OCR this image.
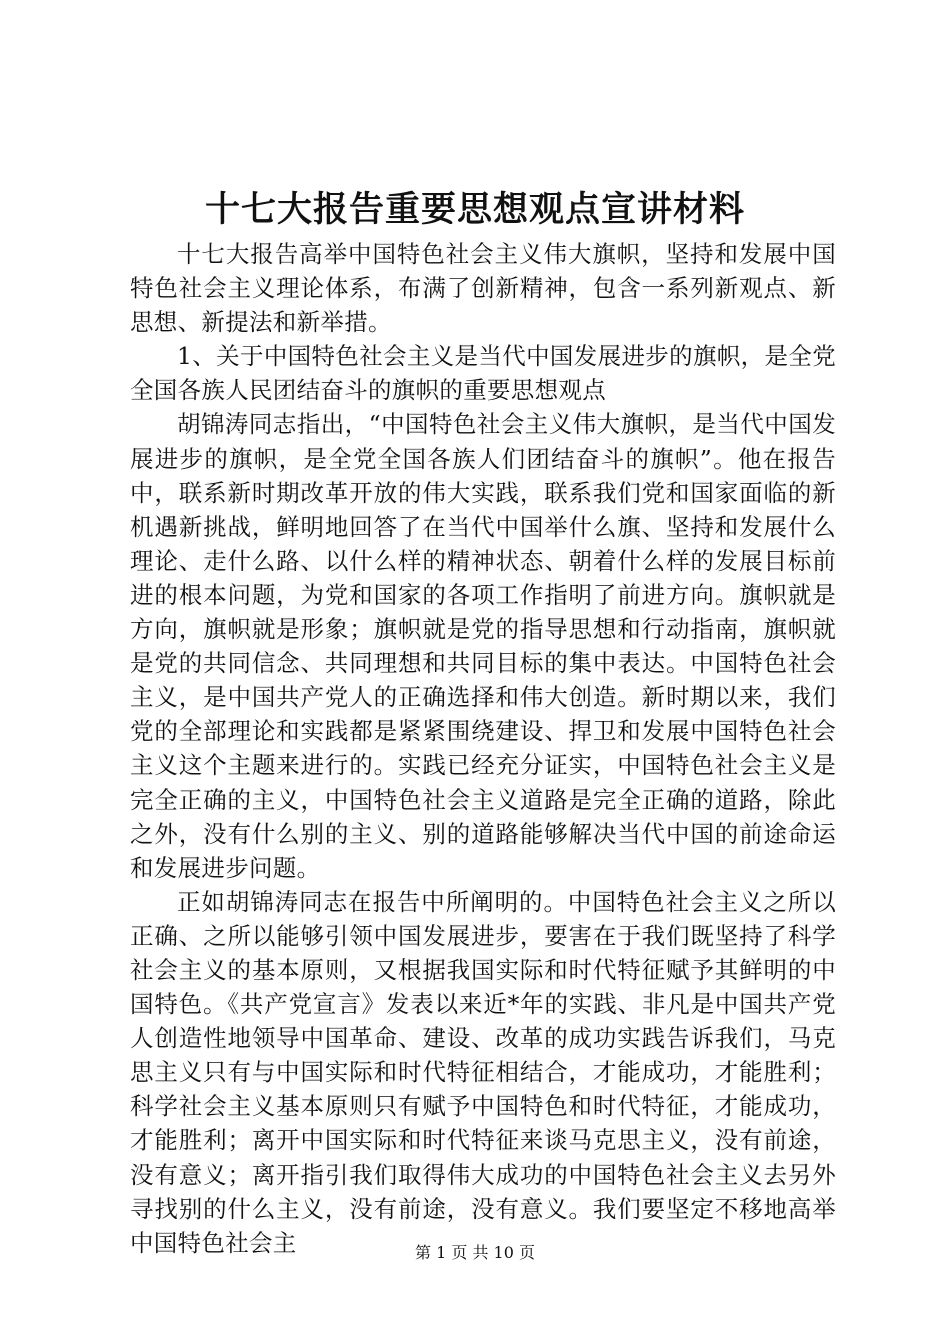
十七大报告重要思想观点宣讲材料

十七大报告高举中国特色社会主义伟大旗帜，坚持和发展中国特色社会主义理论体系，布满了创新精神，包含一系列新观点、新思想、新提法和新举措。

1、关于中国特色社会主义是当代中国发展进步的旗帜，是全党全国各族人民团结奋斗的旗帜的重要思想观点

胡锦涛同志指出，“中国特色社会主义伟大旗帜，是当代中国发展进步的旗帜，是全党全国各族人们团结奋斗的旗帜”。他在报告中，联系新时期改革开放的伟大实践，联系我们党和国家面临的新机遇新挑战，鲜明地回答了在当代中国举什么旗、坚持和发展什么理论、走什么路、以什么样的精神状态、朝着什么样的发展目标前进的根本问题，为党和国家的各项工作指明了前进方向。旗帜就是方向，旗帜就是形象；旗帜就是党的指导思想和行动指南，旗帜就是党的共同信念、共同理想和共同目标的集中表达。中国特色社会主义，是中国共产党人的正确选择和伟大创造。新时期以来，我们党的全部理论和实践都是紧紧围绕建设、捍卫和发展中国特色社会主义这个主题来进行的。实践已经充分证实，中国特色社会主义是完全正确的主义，中国特色社会主义道路是完全正确的道路，除此之外，没有什么别的主义、别的道路能够解决当代中国的前途命运和发展进步问题。

正如胡锦涛同志在报告中所阐明的。中国特色社会主义之所以正确、之所以能够引领中国发展进步，要害在于我们既坚持了科学社会主义的基本原则，又根据我国实际和时代特征赋予其鲜明的中国特色。《共产党宣言》发表以来近*年的实践、非凡是中国共产党人创造性地领导中国革命、建设、改革的成功实践告诉我们，马克思主义只有与中国实际和时代特征相结合，才能成功，才能胜利；科学社会主义基本原则只有赋予中国特色和时代特征，才能成功，才能胜利；离开中国实际和时代特征来谈马克思主义，没有前途，没有意义；离开指引我们取得伟大成功的中国特色社会主义去另外寻找别的什么主义，没有前途，没有意义。我们要坚定不移地高举中国特色社会主	第 1 页 共 10 页
